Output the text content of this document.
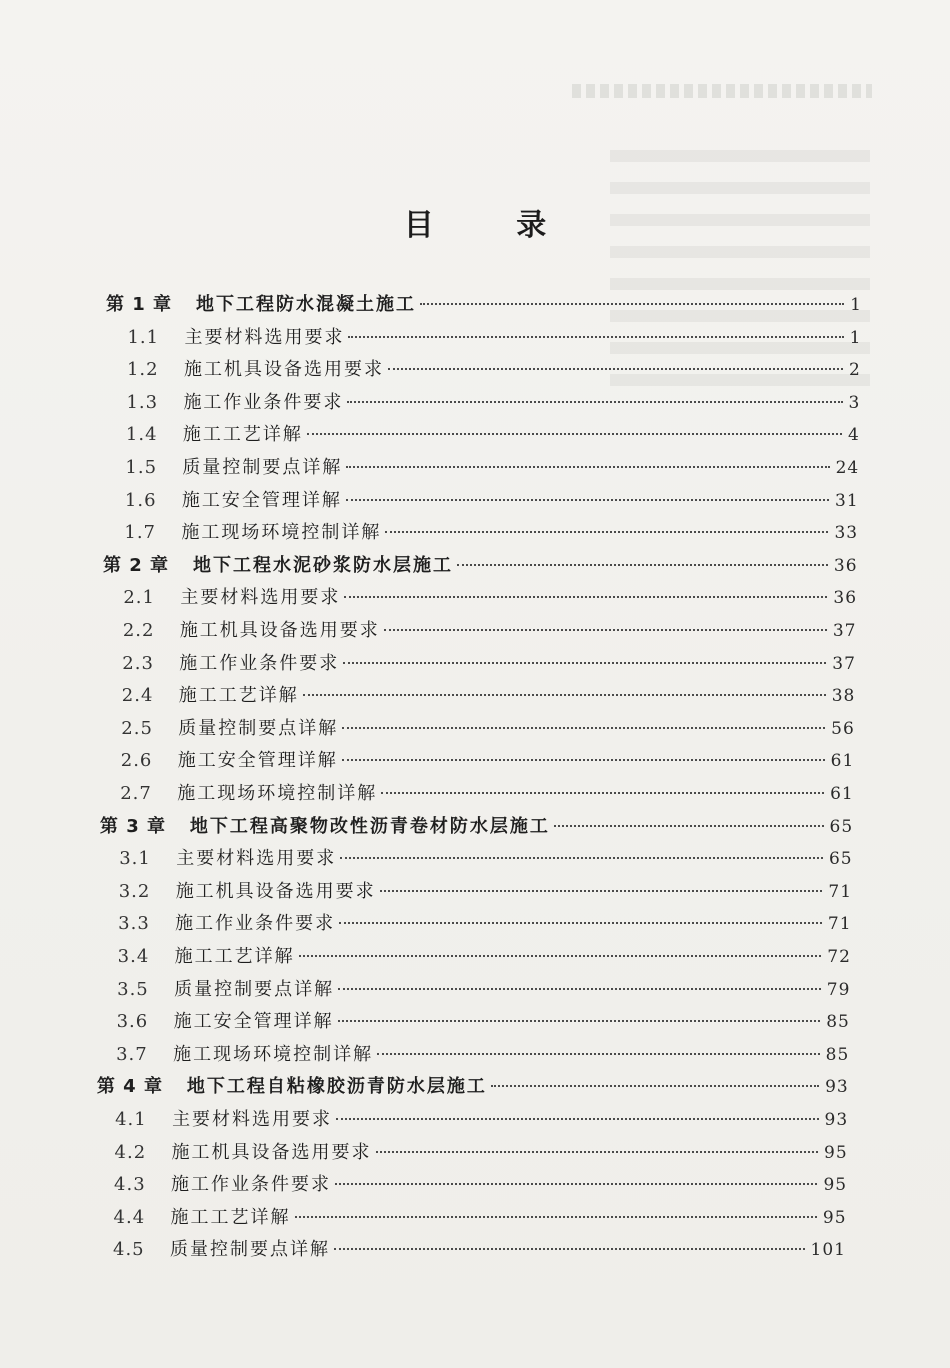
目 录
第 1 章	地下工程防水混凝土施工	1
1.1	主要材料选用要求	1
1.2	施工机具设备选用要求	2
1.3	施工作业条件要求	3
1.4	施工工艺详解	4
1.5	质量控制要点详解	24
1.6	施工安全管理详解	31
1.7	施工现场环境控制详解	33
第 2 章	地下工程水泥砂浆防水层施工	36
2.1	主要材料选用要求	36
2.2	施工机具设备选用要求	37
2.3	施工作业条件要求	37
2.4	施工工艺详解	38
2.5	质量控制要点详解	56
2.6	施工安全管理详解	61
2.7	施工现场环境控制详解	61
第 3 章	地下工程高聚物改性沥青卷材防水层施工	65
3.1	主要材料选用要求	65
3.2	施工机具设备选用要求	71
3.3	施工作业条件要求	71
3.4	施工工艺详解	72
3.5	质量控制要点详解	79
3.6	施工安全管理详解	85
3.7	施工现场环境控制详解	85
第 4 章	地下工程自粘橡胶沥青防水层施工	93
4.1	主要材料选用要求	93
4.2	施工机具设备选用要求	95
4.3	施工作业条件要求	95
4.4	施工工艺详解	95
4.5	质量控制要点详解	101
